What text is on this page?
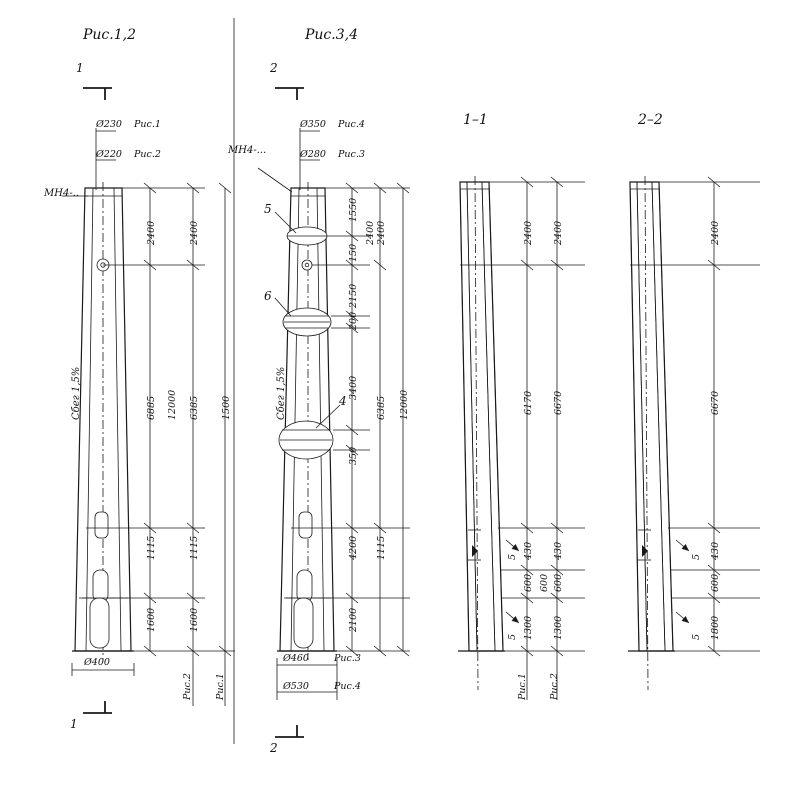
Рис.1,2	Рис.3,4
1–1	2–2
1
1
2
2
МН4-..
МН4-...
Ø230 Рис.1
Ø220 Рис.2
Сбег 1,5%
2400
6885
1115
1600
2400
6385
1115
1600
12000	1500
Ø400
Рис.2 Рис.1
Ø350 Рис.4
Ø280 Рис.3
Сбег 1,5%
5
6
4
1550
150
2150
200
3400
350
4200
2100
2400
6385
1115
12000
2400
Ø460	Рис.3
Ø530	Рис.4
2400 2400
6170 6670
430 430
5
600 600
600
5 1300 1300
Рис.1 Рис.2
2400
6670
430
5
600
5 1800
